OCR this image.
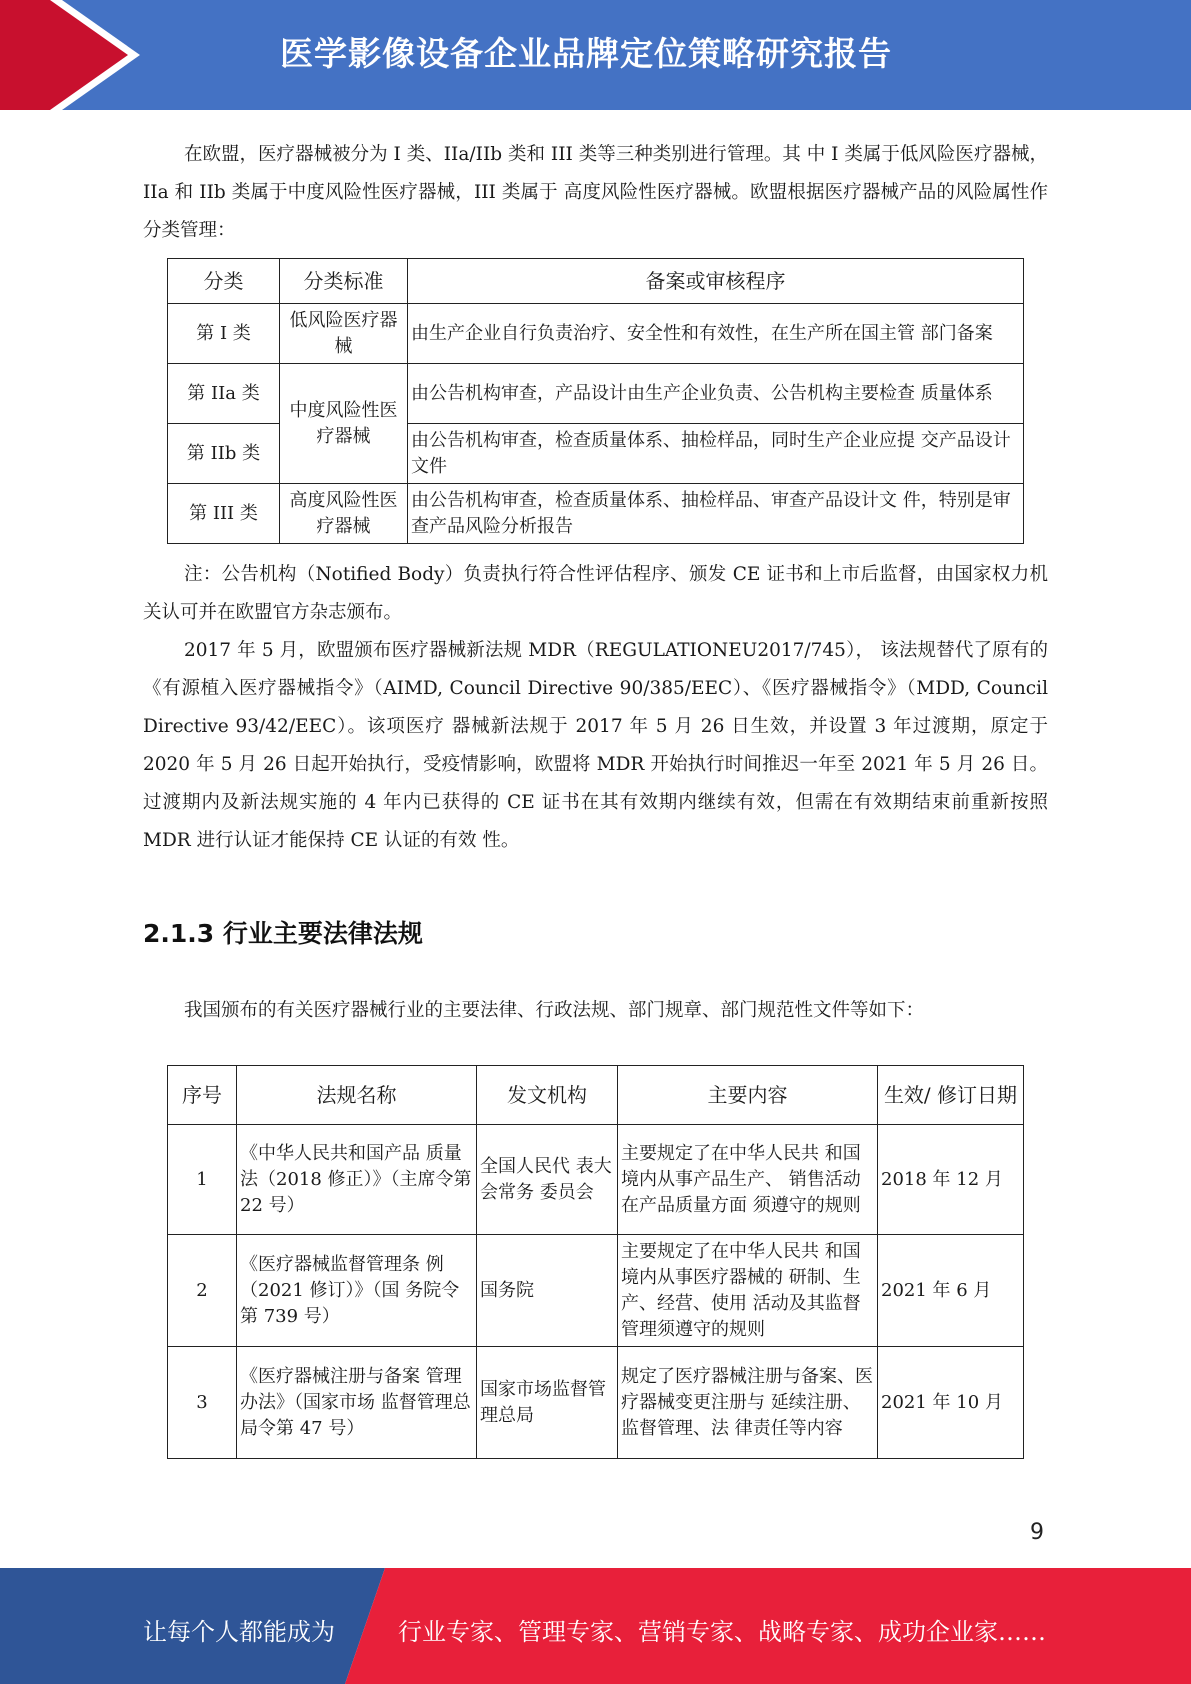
医学影像设备企业品牌定位策略研究报告

在欧盟，医疗器械被分为 I 类、IIa/IIb 类和 III 类等三种类别进行管理。其 中 I 类属于低风险医疗器械，IIa 和 IIb 类属于中度风险性医疗器械，III 类属于 高度风险性医疗器械。欧盟根据医疗器械产品的风险属性作分类管理：

分类	分类标准	备案或审核程序
第 I 类	低风险医疗器械	由生产企业自行负责治疗、安全性和有效性，在生产所在国主管 部门备案
第 IIa 类	中度风险性医疗器械	由公告机构审查，产品设计由生产企业负责、公告机构主要检查 质量体系
第 IIb 类		由公告机构审查，检查质量体系、抽检样品，同时生产企业应提 交产品设计文件
第 III 类	高度风险性医疗器械	由公告机构审查，检查质量体系、抽检样品、审查产品设计文 件，特别是审查产品风险分析报告

注：公告机构（Notified Body）负责执行符合性评估程序、颁发 CE 证书和上市后监督，由国家权力机关认可并在欧盟官方杂志颁布。

2017 年 5 月，欧盟颁布医疗器械新法规 MDR（REGULATIONEU2017/745）， 该法规替代了原有的《有源植入医疗器械指令》（AIMD, Council Directive 90/385/EEC）、《医疗器械指令》（MDD, Council Directive 93/42/EEC）。该项医疗 器械新法规于 2017 年 5 月 26 日生效，并设置 3 年过渡期，原定于 2020 年 5 月 26 日起开始执行，受疫情影响，欧盟将 MDR 开始执行时间推迟一年至 2021 年 5 月 26 日。过渡期内及新法规实施的 4 年内已获得的 CE 证书在其有效期内继续有效，但需在有效期结束前重新按照 MDR 进行认证才能保持 CE 认证的有效 性。

2.1.3 行业主要法律法规
我国颁布的有关医疗器械行业的主要法律、行政法规、部门规章、部门规范性文件等如下：
序号	法规名称	发文机构	主要内容	生效/ 修订日期
1	《中华人民共和国产品 质量法（2018 修正）》（主席令第 22 号）	全国人民代 表大会常务 委员会	主要规定了在中华人民共 和国境内从事产品生产、 销售活动在产品质量方面 须遵守的规则	2018 年 12 月
2	《医疗器械监督管理条 例（2021 修订）》（国 务院令第 739 号）	国务院	主要规定了在中华人民共 和国境内从事医疗器械的 研制、生产、经营、使用 活动及其监督管理须遵守的规则	2021 年 6 月
3	《医疗器械注册与备案 管理办法》（国家市场 监督管理总局令第 47 号）	国家市场监督管理总局	规定了医疗器械注册与备案、医疗器械变更注册与 延续注册、监督管理、法 律责任等内容	2021 年 10 月
9
让每个人都能成为	行业专家、管理专家、营销专家、战略专家、成功企业家……
